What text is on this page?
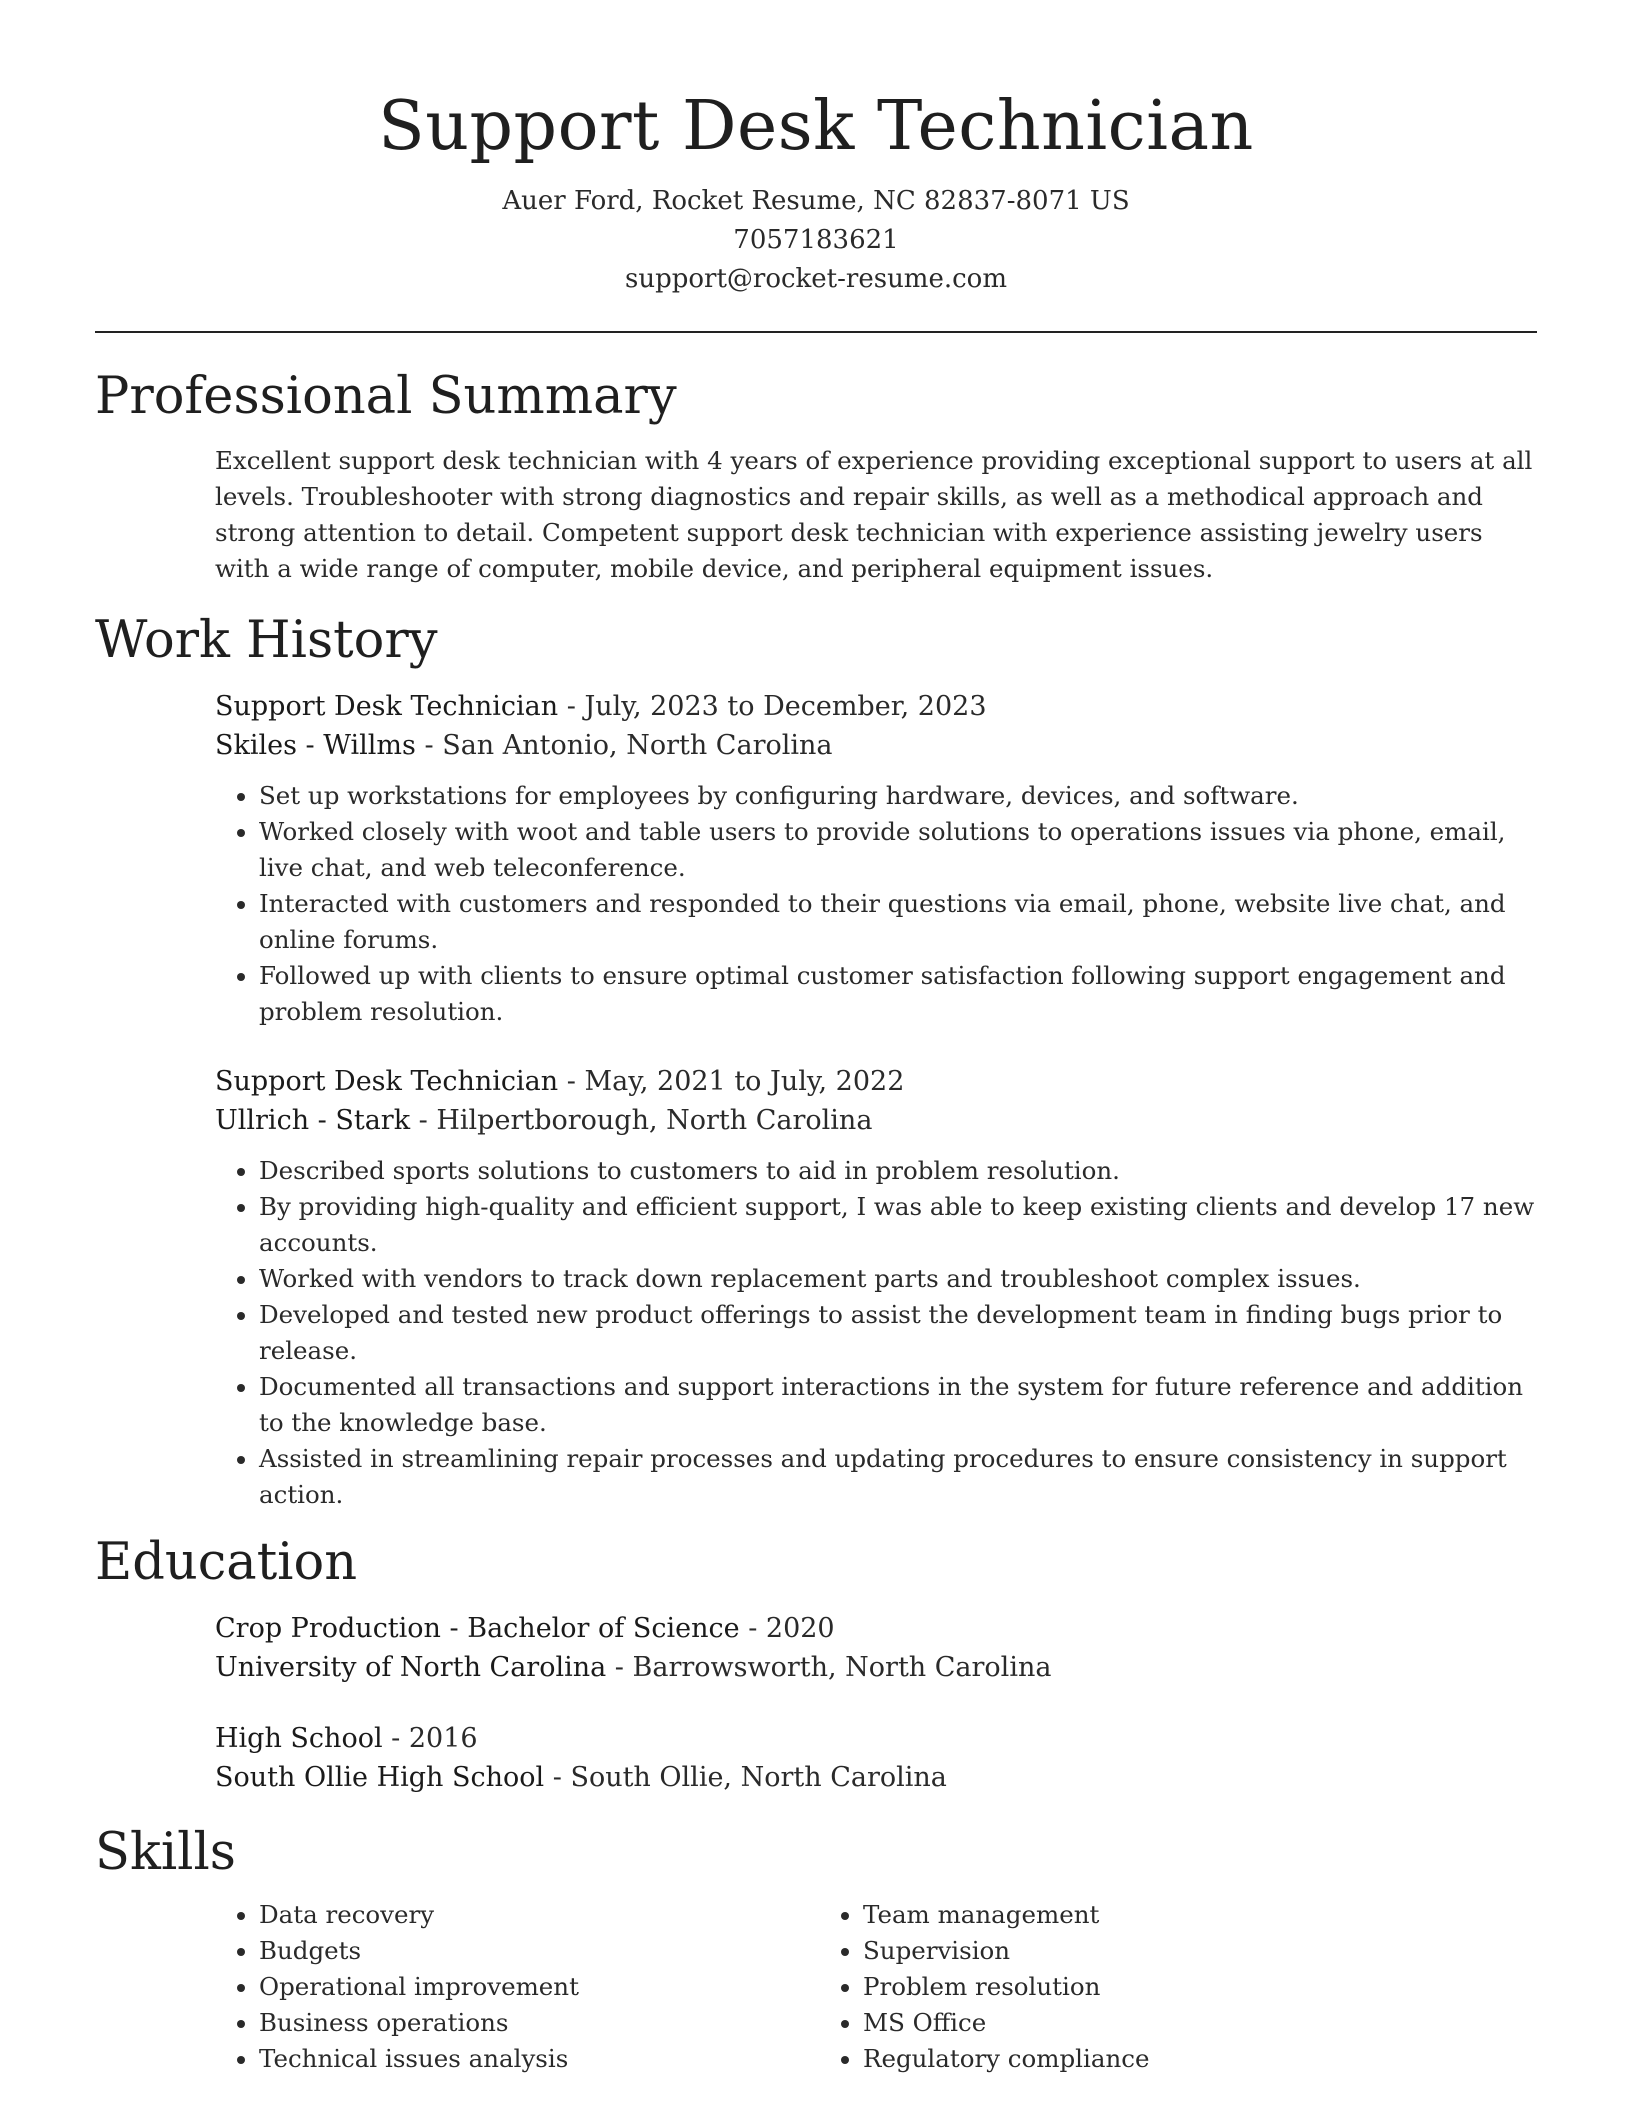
Support Desk Technician
Auer Ford, Rocket Resume, NC 82837-8071 US
7057183621
support@rocket-resume.com
Professional Summary

Excellent support desk technician with 4 years of experience providing exceptional support to users at all levels. Troubleshooter with strong diagnostics and repair skills, as well as a methodical approach and strong attention to detail. Competent support desk technician with experience assisting jewelry users with a wide range of computer, mobile device, and peripheral equipment issues.

Work History
Support Desk Technician - July, 2023 to December, 2023
Skiles - Willms - San Antonio, North Carolina
• Set up workstations for employees by configuring hardware, devices, and software.
• Worked closely with woot and table users to provide solutions to operations issues via phone, email, live chat, and web teleconference.
• Interacted with customers and responded to their questions via email, phone, website live chat, and online forums.
• Followed up with clients to ensure optimal customer satisfaction following support engagement and problem resolution.
Support Desk Technician - May, 2021 to July, 2022
Ullrich - Stark - Hilpertborough, North Carolina
• Described sports solutions to customers to aid in problem resolution.
• By providing high-quality and efficient support, I was able to keep existing clients and develop 17 new accounts.
• Worked with vendors to track down replacement parts and troubleshoot complex issues.
• Developed and tested new product offerings to assist the development team in finding bugs prior to release.
• Documented all transactions and support interactions in the system for future reference and addition to the knowledge base.
• Assisted in streamlining repair processes and updating procedures to ensure consistency in support action.
Education
Crop Production - Bachelor of Science - 2020
University of North Carolina - Barrowsworth, North Carolina
High School - 2016
South Ollie High School - South Ollie, North Carolina
Skills
• Data recovery
• Budgets
• Operational improvement
• Business operations
• Technical issues analysis
• Team management
• Supervision
• Problem resolution
• MS Office
• Regulatory compliance
